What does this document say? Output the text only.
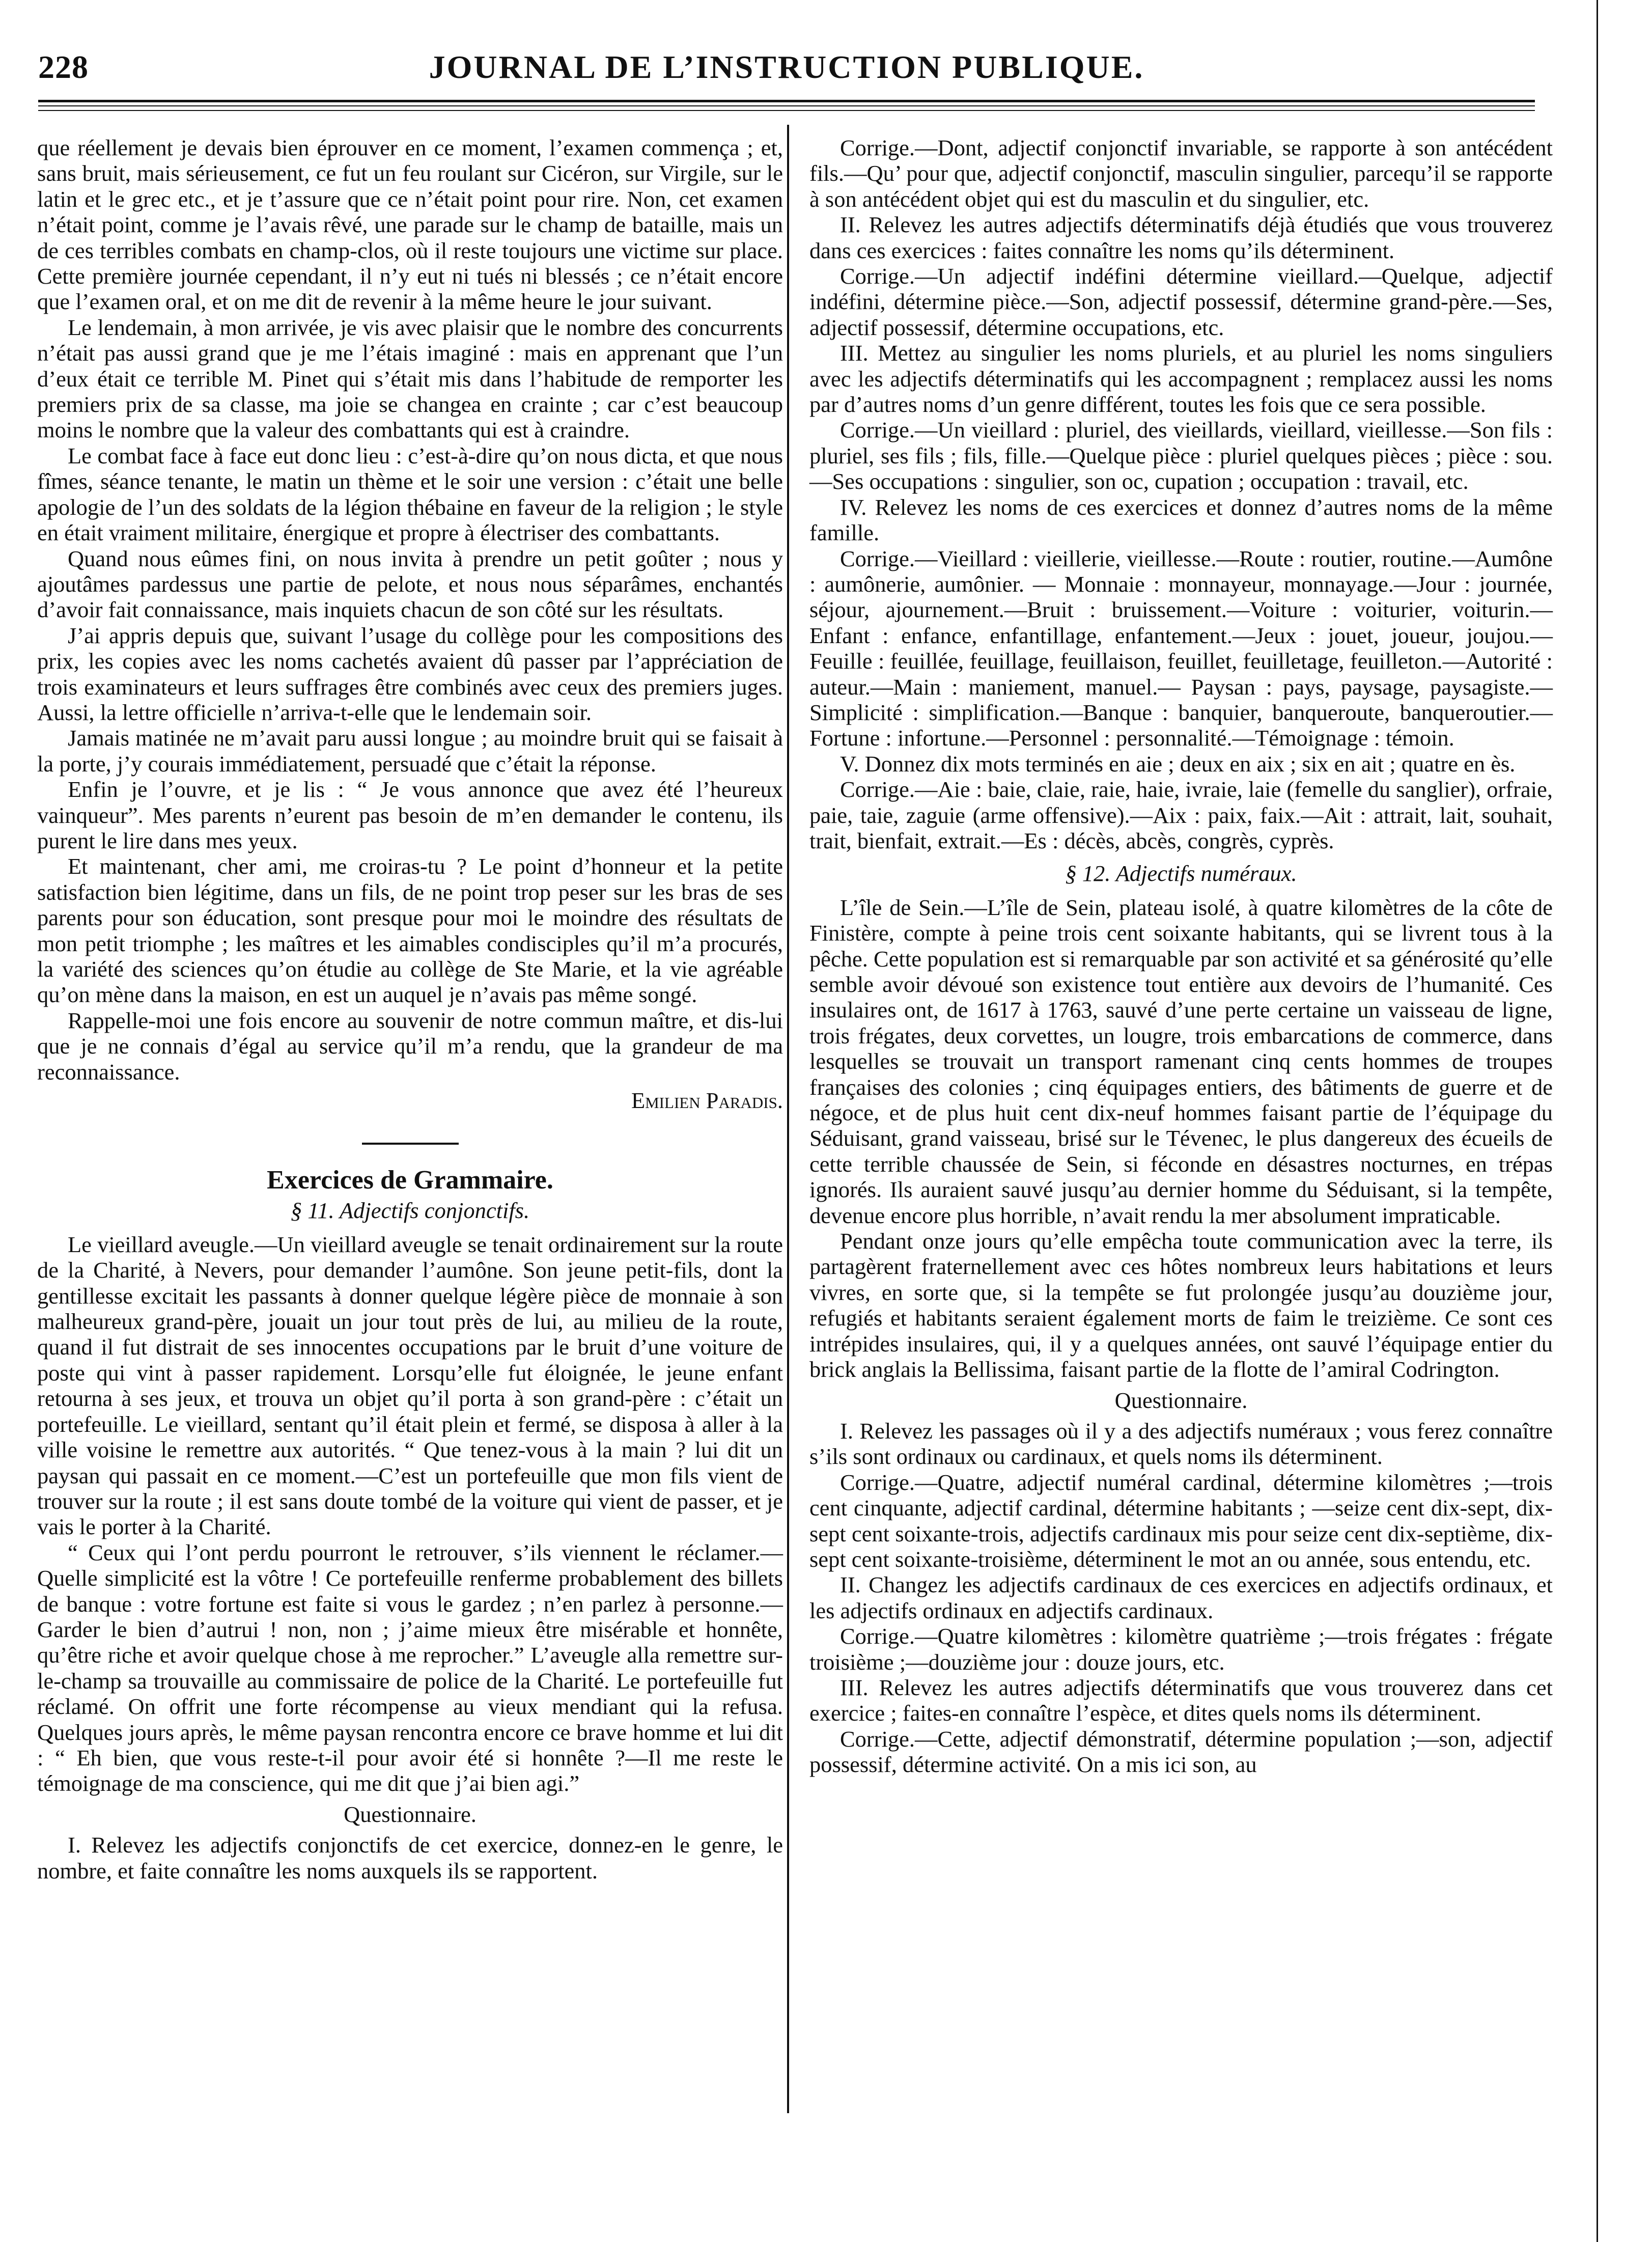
JOURNAL DE L’INSTRUCTION PUBLIQUE.
228

que réellement je devais bien éprouver en ce moment, l’examen commença ; et, sans bruit, mais sérieusement, ce fut un feu roulant sur Cicéron, sur Virgile, sur le latin et le grec etc., et je t’assure que ce n’était point pour rire. Non, cet examen n’était point, comme je l’avais rêvé, une parade sur le champ de bataille, mais un de ces terribles combats en champ-clos, où il reste toujours une victime sur place. Cette première journée cependant, il n’y eut ni tués ni blessés ; ce n’était encore que l’examen oral, et on me dit de revenir à la même heure le jour suivant.

Le lendemain, à mon arrivée, je vis avec plaisir que le nombre des concurrents n’était pas aussi grand que je me l’étais imaginé : mais en apprenant que l’un d’eux était ce terrible M. Pinet qui s’était mis dans l’habitude de remporter les premiers prix de sa classe, ma joie se changea en crainte ; car c’est beaucoup moins le nombre que la valeur des combattants qui est à craindre.

Le combat face à face eut donc lieu : c’est-à-dire qu’on nous dicta, et que nous fîmes, séance tenante, le matin un thème et le soir une version : c’était une belle apologie de l’un des soldats de la légion thébaine en faveur de la religion ; le style en était vraiment militaire, énergique et propre à électriser des combattants.

Quand nous eûmes fini, on nous invita à prendre un petit goûter ; nous y ajoutâmes pardessus une partie de pelote, et nous nous séparâmes, enchantés d’avoir fait connaissance, mais inquiets chacun de son côté sur les résultats.

J’ai appris depuis que, suivant l’usage du collège pour les compositions des prix, les copies avec les noms cachetés avaient dû passer par l’appréciation de trois examinateurs et leurs suffrages être combinés avec ceux des premiers juges. Aussi, la lettre officielle n’arriva-t-elle que le lendemain soir.

Jamais matinée ne m’avait paru aussi longue ; au moindre bruit qui se faisait à la porte, j’y courais immédiatement, persuadé que c’était la réponse.

Enfin je l’ouvre, et je lis : “ Je vous annonce que avez été l’heureux vainqueur”. Mes parents n’eurent pas besoin de m’en demander le contenu, ils purent le lire dans mes yeux.

Et maintenant, cher ami, me croiras-tu ? Le point d’honneur et la petite satisfaction bien légitime, dans un fils, de ne point trop peser sur les bras de ses parents pour son éducation, sont presque pour moi le moindre des résultats de mon petit triomphe ; les maîtres et les aimables condisciples qu’il m’a procurés, la variété des sciences qu’on étudie au collège de Ste Marie, et la vie agréable qu’on mène dans la maison, en est un auquel je n’avais pas même songé.

Rappelle-moi une fois encore au souvenir de notre commun maître, et dis-lui que je ne connais d’égal au service qu’il m’a rendu, que la grandeur de ma reconnaissance.

Emilien Paradis.
Exercices de Grammaire.
§ 11. Adjectifs conjonctifs.

Le vieillard aveugle.—Un vieillard aveugle se tenait ordinairement sur la route de la Charité, à Nevers, pour demander l’aumône. Son jeune petit-fils, dont la gentillesse excitait les passants à donner quelque légère pièce de monnaie à son malheureux grand-père, jouait un jour tout près de lui, au milieu de la route, quand il fut distrait de ses innocentes occupations par le bruit d’une voiture de poste qui vint à passer rapidement. Lorsqu’elle fut éloignée, le jeune enfant retourna à ses jeux, et trouva un objet qu’il porta à son grand-père : c’était un portefeuille. Le vieillard, sentant qu’il était plein et fermé, se disposa à aller à la ville voisine le remettre aux autorités. “ Que tenez-vous à la main ? lui dit un paysan qui passait en ce moment.—C’est un portefeuille que mon fils vient de trouver sur la route ; il est sans doute tombé de la voiture qui vient de passer, et je vais le porter à la Charité.

“ Ceux qui l’ont perdu pourront le retrouver, s’ils viennent le réclamer.—Quelle simplicité est la vôtre ! Ce portefeuille renferme probablement des billets de banque : votre fortune est faite si vous le gardez ; n’en parlez à personne.—Garder le bien d’autrui ! non, non ; j’aime mieux être misérable et honnête, qu’être riche et avoir quelque chose à me reprocher.” L’aveugle alla remettre sur-le-champ sa trouvaille au commissaire de police de la Charité. Le portefeuille fut réclamé. On offrit une forte récompense au vieux mendiant qui la refusa. Quelques jours après, le même paysan rencontra encore ce brave homme et lui dit : “ Eh bien, que vous reste-t-il pour avoir été si honnête ?—Il me reste le témoignage de ma conscience, qui me dit que j’ai bien agi.”

Questionnaire.

I. Relevez les adjectifs conjonctifs de cet exercice, donnez-en le genre, le nombre, et faite connaître les noms auxquels ils se rapportent.

Corrige.—Dont, adjectif conjonctif invariable, se rapporte à son antécédent fils.—Qu’ pour que, adjectif conjonctif, masculin singulier, parcequ’il se rapporte à son antécédent objet qui est du masculin et du singulier, etc.

II. Relevez les autres adjectifs déterminatifs déjà étudiés que vous trouverez dans ces exercices : faites connaître les noms qu’ils déterminent.

Corrige.—Un adjectif indéfini détermine vieillard.—Quelque, adjectif indéfini, détermine pièce.—Son, adjectif possessif, détermine grand-père.—Ses, adjectif possessif, détermine occupations, etc.

III. Mettez au singulier les noms pluriels, et au pluriel les noms singuliers avec les adjectifs déterminatifs qui les accompagnent ; remplacez aussi les noms par d’autres noms d’un genre différent, toutes les fois que ce sera possible.

Corrige.—Un vieillard : pluriel, des vieillards, vieillard, vieillesse.—Son fils : pluriel, ses fils ; fils, fille.—Quelque pièce : pluriel quelques pièces ; pièce : sou.—Ses occupations : singulier, son oc, cupation ; occupation : travail, etc.

IV. Relevez les noms de ces exercices et donnez d’autres noms de la même famille.

Corrige.—Vieillard : vieillerie, vieillesse.—Route : routier, routine.—Aumône : aumônerie, aumônier. — Monnaie : monnayeur, monnayage.—Jour : journée, séjour, ajournement.—Bruit : bruissement.—Voiture : voiturier, voiturin.— Enfant : enfance, enfantillage, enfantement.—Jeux : jouet, joueur, joujou.—Feuille : feuillée, feuillage, feuillaison, feuillet, feuilletage, feuilleton.—Autorité : auteur.—Main : maniement, manuel.— Paysan : pays, paysage, paysagiste.—Simplicité : simplification.—Banque : banquier, banqueroute, banqueroutier.—Fortune : infortune.—Personnel : personnalité.—Témoignage : témoin.

V. Donnez dix mots terminés en aie ; deux en aix ; six en ait ; quatre en ès.

Corrige.—Aie : baie, claie, raie, haie, ivraie, laie (femelle du sanglier), orfraie, paie, taie, zaguie (arme offensive).—Aix : paix, faix.—Ait : attrait, lait, souhait, trait, bienfait, extrait.—Es : décès, abcès, congrès, cyprès.

§ 12. Adjectifs numéraux.

L’île de Sein.—L’île de Sein, plateau isolé, à quatre kilomètres de la côte de Finistère, compte à peine trois cent soixante habitants, qui se livrent tous à la pêche. Cette population est si remarquable par son activité et sa générosité qu’elle semble avoir dévoué son existence tout entière aux devoirs de l’humanité. Ces insulaires ont, de 1617 à 1763, sauvé d’une perte certaine un vaisseau de ligne, trois frégates, deux corvettes, un lougre, trois embarcations de commerce, dans lesquelles se trouvait un transport ramenant cinq cents hommes de troupes françaises des colonies ; cinq équipages entiers, des bâtiments de guerre et de négoce, et de plus huit cent dix-neuf hommes faisant partie de l’équipage du Séduisant, grand vaisseau, brisé sur le Tévenec, le plus dangereux des écueils de cette terrible chaussée de Sein, si féconde en désastres nocturnes, en trépas ignorés. Ils auraient sauvé jusqu’au dernier homme du Séduisant, si la tempête, devenue encore plus horrible, n’avait rendu la mer absolument impraticable.

Pendant onze jours qu’elle empêcha toute communication avec la terre, ils partagèrent fraternellement avec ces hôtes nombreux leurs habitations et leurs vivres, en sorte que, si la tempête se fut prolongée jusqu’au douzième jour, refugiés et habitants seraient également morts de faim le treizième. Ce sont ces intrépides insulaires, qui, il y a quelques années, ont sauvé l’équipage entier du brick anglais la Bellissima, faisant partie de la flotte de l’amiral Codrington.

Questionnaire.

I. Relevez les passages où il y a des adjectifs numéraux ; vous ferez connaître s’ils sont ordinaux ou cardinaux, et quels noms ils déterminent.

Corrige.—Quatre, adjectif numéral cardinal, détermine kilomètres ;—trois cent cinquante, adjectif cardinal, détermine habitants ; —seize cent dix-sept, dix-sept cent soixante-trois, adjectifs cardinaux mis pour seize cent dix-septième, dix-sept cent soixante-troisième, déterminent le mot an ou année, sous entendu, etc.

II. Changez les adjectifs cardinaux de ces exercices en adjectifs ordinaux, et les adjectifs ordinaux en adjectifs cardinaux.

Corrige.—Quatre kilomètres : kilomètre quatrième ;—trois frégates : frégate troisième ;—douzième jour : douze jours, etc.

III. Relevez les autres adjectifs déterminatifs que vous trouverez dans cet exercice ; faites-en connaître l’espèce, et dites quels noms ils déterminent.

Corrige.—Cette, adjectif démonstratif, détermine population ;—son, adjectif possessif, détermine activité. On a mis ici son, au
